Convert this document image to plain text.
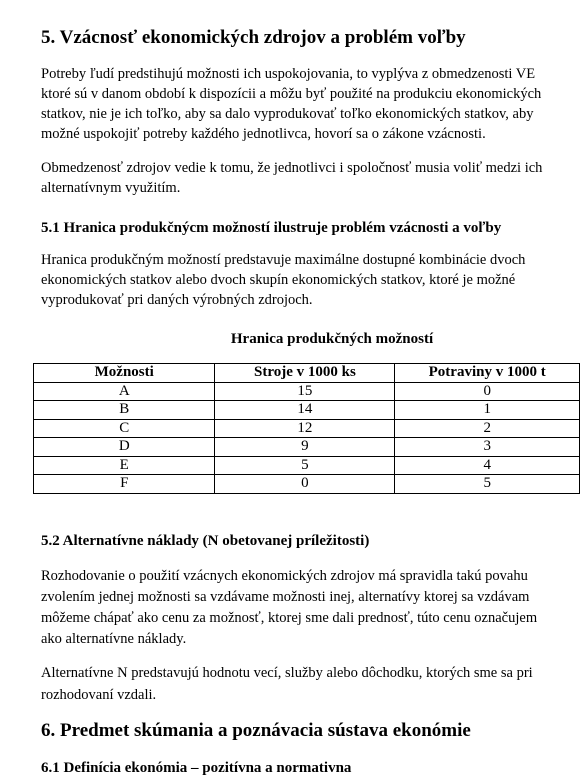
5. Vzácnosť ekonomických zdrojov a problém voľby
Potreby ľudí predstihujú možnosti ich uspokojovania, to vyplýva z obmedzenosti VE
ktoré sú v danom období k dispozícii a môžu byť použité na produkciu ekonomických
statkov, nie je ich toľko, aby sa dalo vyprodukovať toľko ekonomických statkov, aby
možné uspokojiť potreby každého jednotlivca, hovorí sa o zákone vzácnosti.
Obmedzenosť zdrojov vedie k tomu, že jednotlivci i spoločnosť musia voliť medzi ich
alternatívnym využitím.
5.1 Hranica produkčnýcm možností ilustruje problém vzácnosti a voľby
Hranica produkčným možností predstavuje maximálne dostupné kombinácie dvoch
ekonomických statkov alebo dvoch skupín ekonomických statkov, ktoré je možné
vyprodukovať pri daných výrobných zdrojoch.
Hranica produkčných možností
Možnosti	Stroje v 1000 ks	Potraviny v 1000 t
A	15	0
B	14	1
C	12	2
D	9	3
E	5	4
F	0	5
5.2 Alternatívne náklady (N obetovanej príležitosti)
Rozhodovanie o použití vzácnych ekonomických zdrojov má spravidla takú povahu
zvolením jednej možnosti sa vzdávame možnosti inej, alternatívy ktorej sa vzdávam
môžeme chápať ako cenu za možnosť, ktorej sme dali prednosť, túto cenu označujem
ako alternatívne náklady.
Alternatívne N predstavujú hodnotu vecí, služby alebo dôchodku, ktorých sme sa pri
rozhodovaní vzdali.
6. Predmet skúmania a poznávacia sústava ekonómie
6.1 Definícia ekonómia – pozitívna a normativna
